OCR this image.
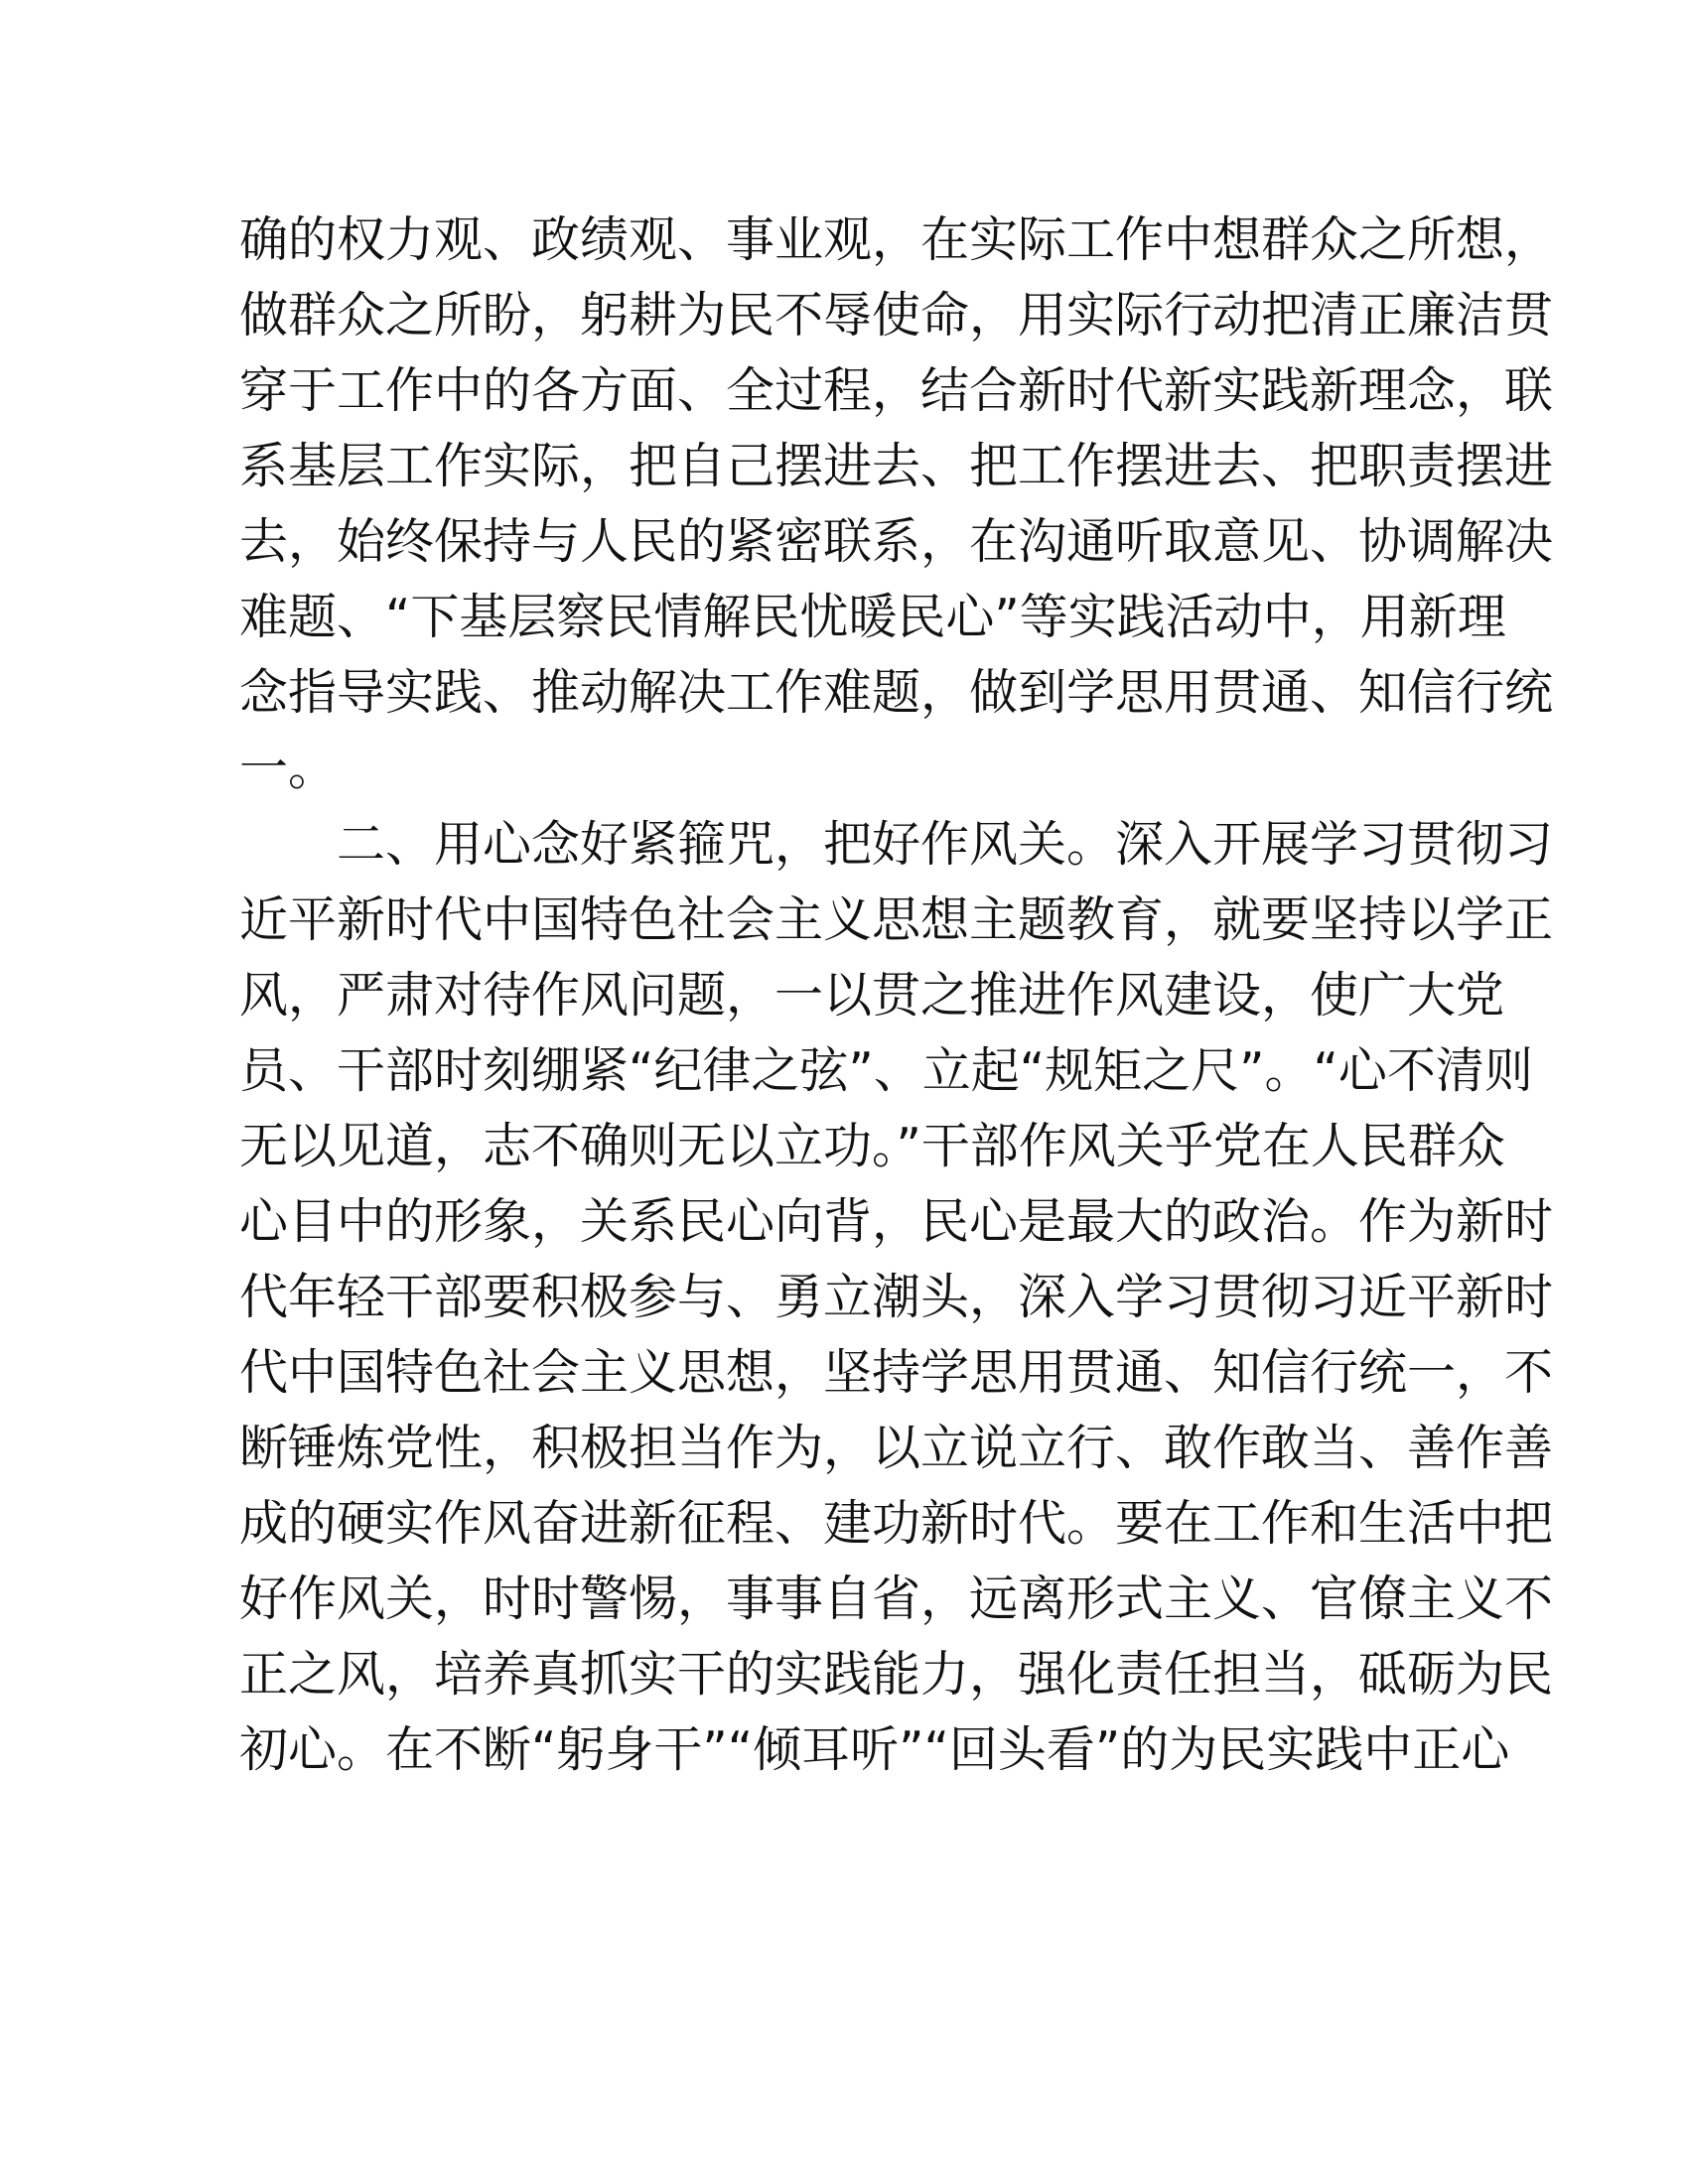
确的权力观、政绩观、事业观，在实际工作中想群众之所想，
做群众之所盼，躬耕为民不辱使命，用实际行动把清正廉洁贯
穿于工作中的各方面、全过程，结合新时代新实践新理念，联
系基层工作实际，把自己摆进去、把工作摆进去、把职责摆进
去，始终保持与人民的紧密联系，在沟通听取意见、协调解决
难题、“下基层察民情解民忧暖民心”等实践活动中，用新理
念指导实践、推动解决工作难题，做到学思用贯通、知信行统
一。
二、用心念好紧箍咒，把好作风关。深入开展学习贯彻习
近平新时代中国特色社会主义思想主题教育，就要坚持以学正
风，严肃对待作风问题，一以贯之推进作风建设，使广大党
员、干部时刻绷紧“纪律之弦”、立起“规矩之尺”。“心不清则
无以见道，志不确则无以立功。”干部作风关乎党在人民群众
心目中的形象，关系民心向背，民心是最大的政治。作为新时
代年轻干部要积极参与、勇立潮头，深入学习贯彻习近平新时
代中国特色社会主义思想，坚持学思用贯通、知信行统一，不
断锤炼党性，积极担当作为，以立说立行、敢作敢当、善作善
成的硬实作风奋进新征程、建功新时代。要在工作和生活中把
好作风关，时时警惕，事事自省，远离形式主义、官僚主义不
正之风，培养真抓实干的实践能力，强化责任担当，砥砺为民
初心。在不断“躬身干”“倾耳听”“回头看”的为民实践中正心
